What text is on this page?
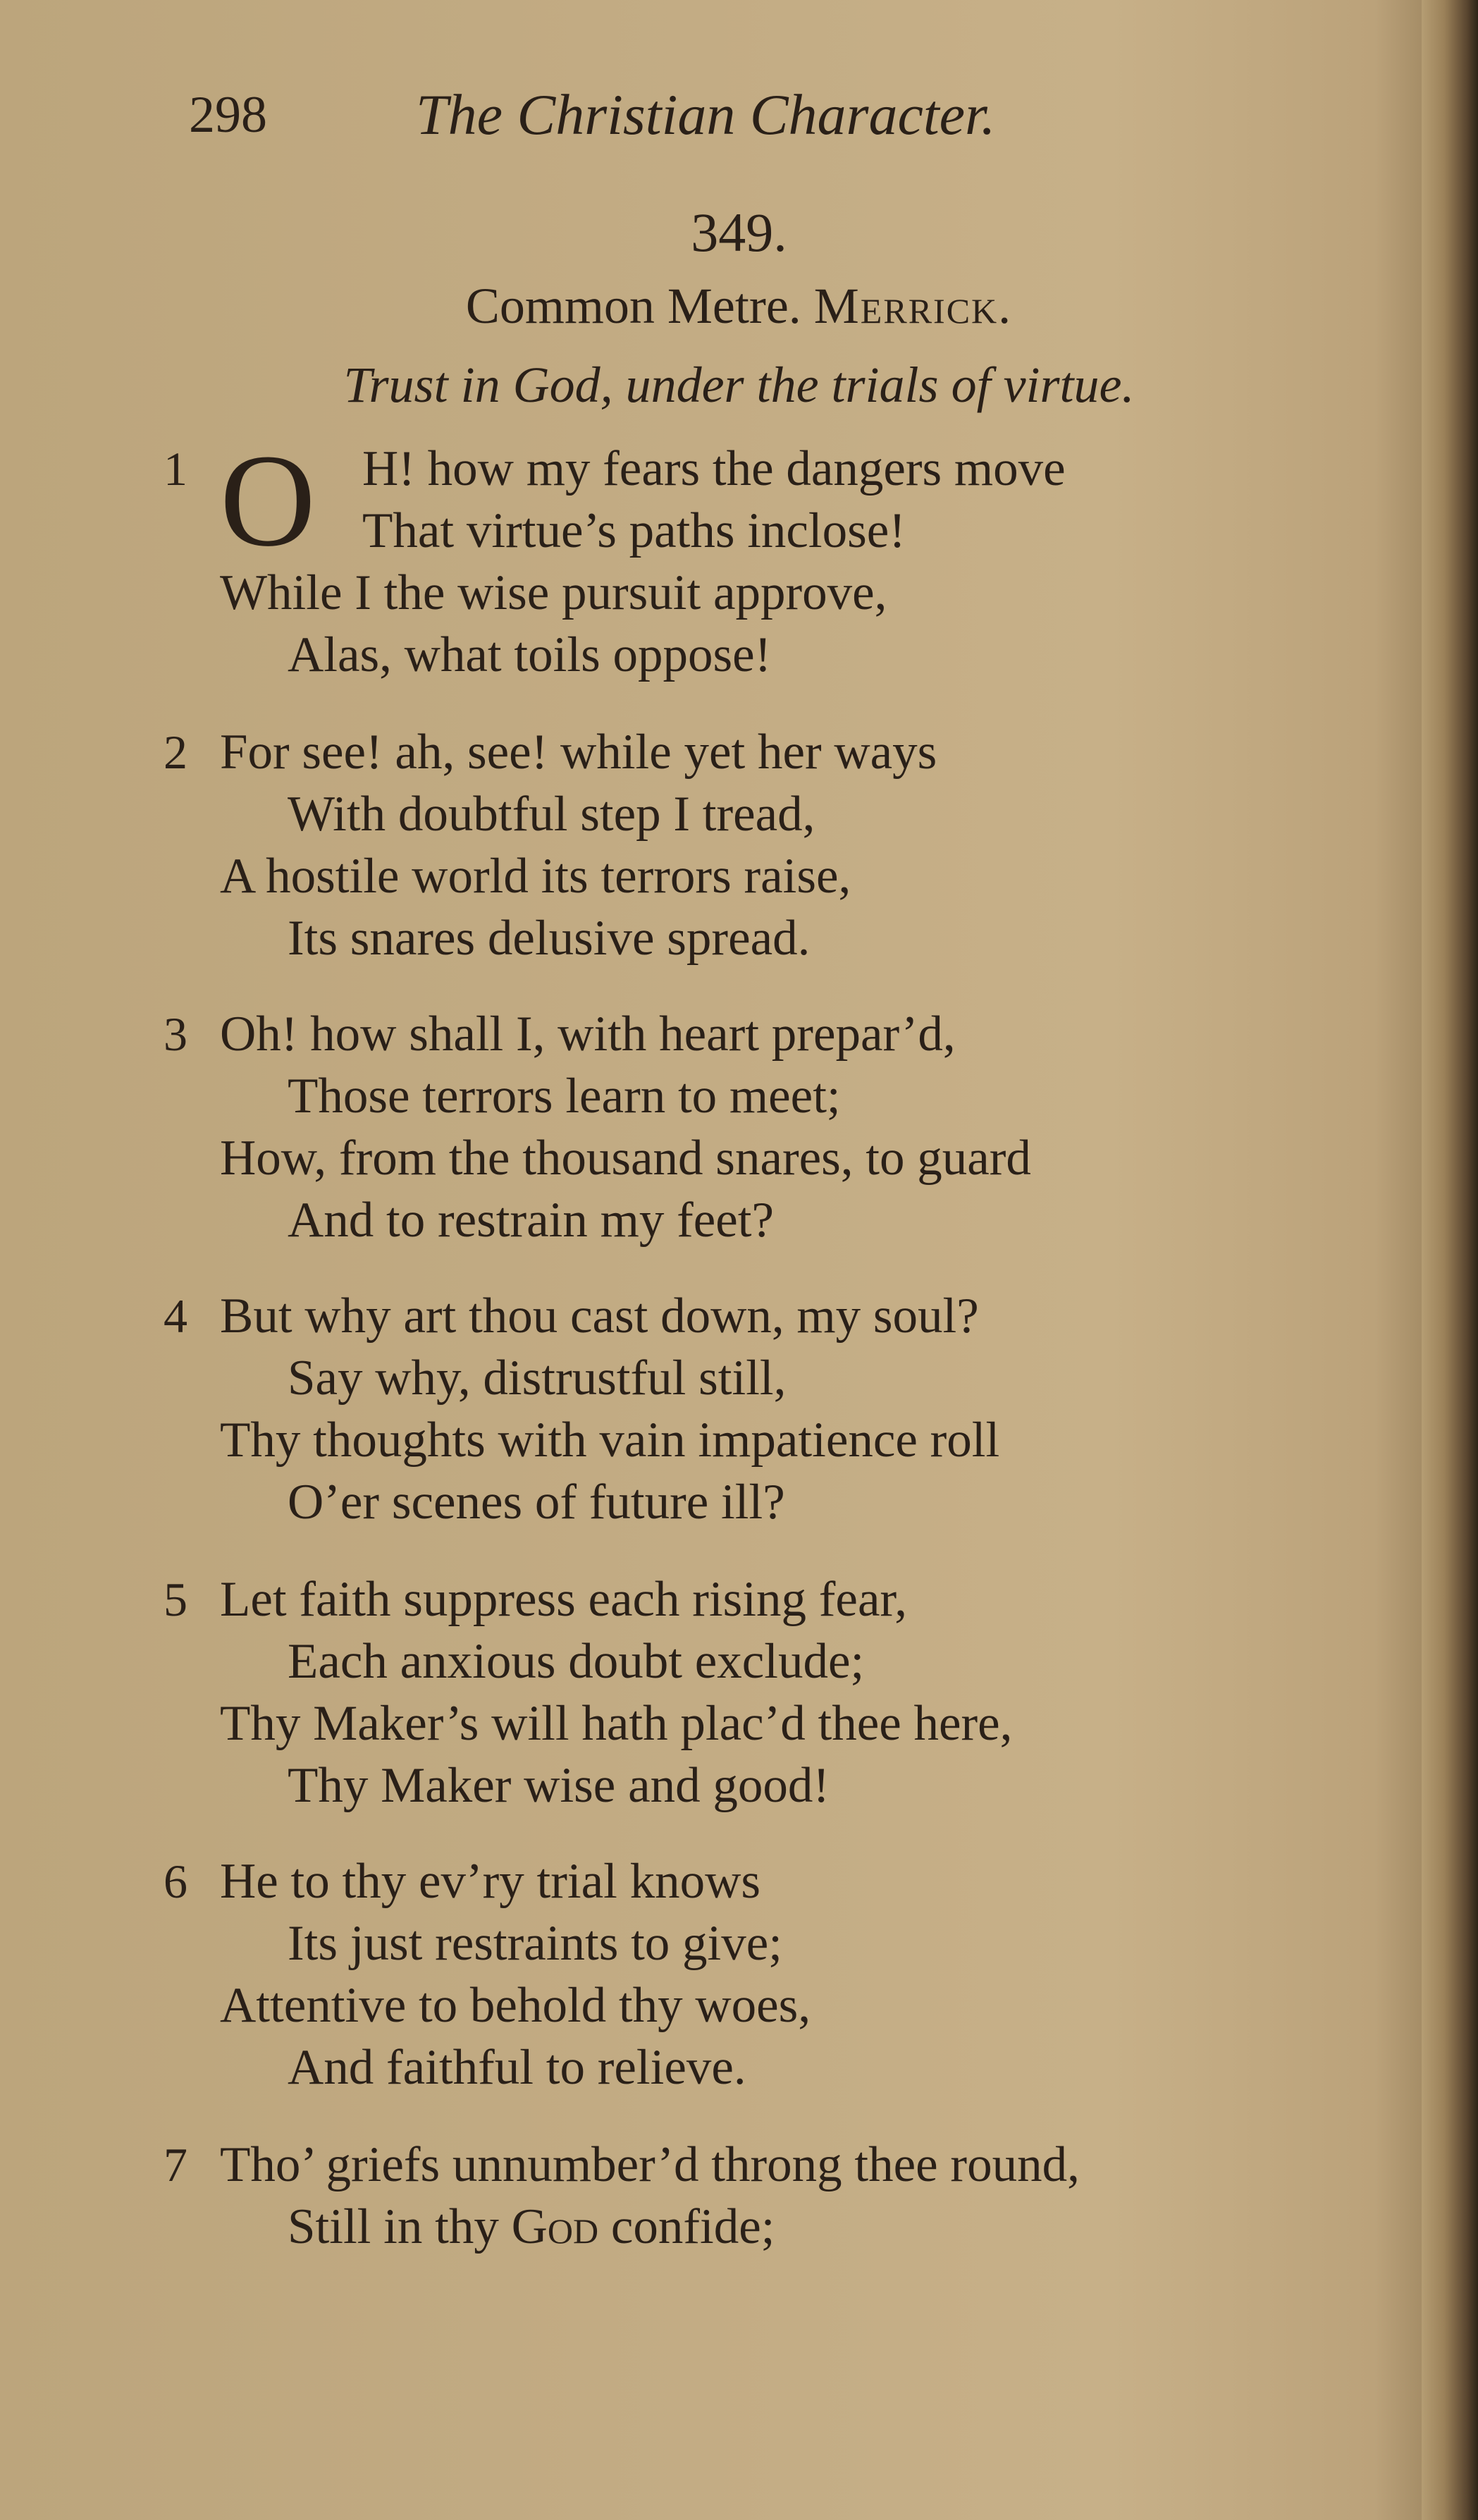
298	The Christian Character.
349.
Common Metre. Merrick.
Trust in God, under the trials of virtue.
1 O H! how my fears the dangers move
That virtue’s paths inclose!
While I the wise pursuit approve,
Alas, what toils oppose!
2 For see! ah, see! while yet her ways
With doubtful step I tread,
A hostile world its terrors raise,
Its snares delusive spread.
3 Oh! how shall I, with heart prepar’d,
Those terrors learn to meet;
How, from the thousand snares, to guard
And to restrain my feet?
4 But why art thou cast down, my soul?
Say why, distrustful still,
Thy thoughts with vain impatience roll
O’er scenes of future ill?
5 Let faith suppress each rising fear,
Each anxious doubt exclude;
Thy Maker’s will hath plac’d thee here,
Thy Maker wise and good!
6 He to thy ev’ry trial knows
Its just restraints to give;
Attentive to behold thy woes,
And faithful to relieve.
7 Tho’ griefs unnumber’d throng thee round,
Still in thy God confide;
